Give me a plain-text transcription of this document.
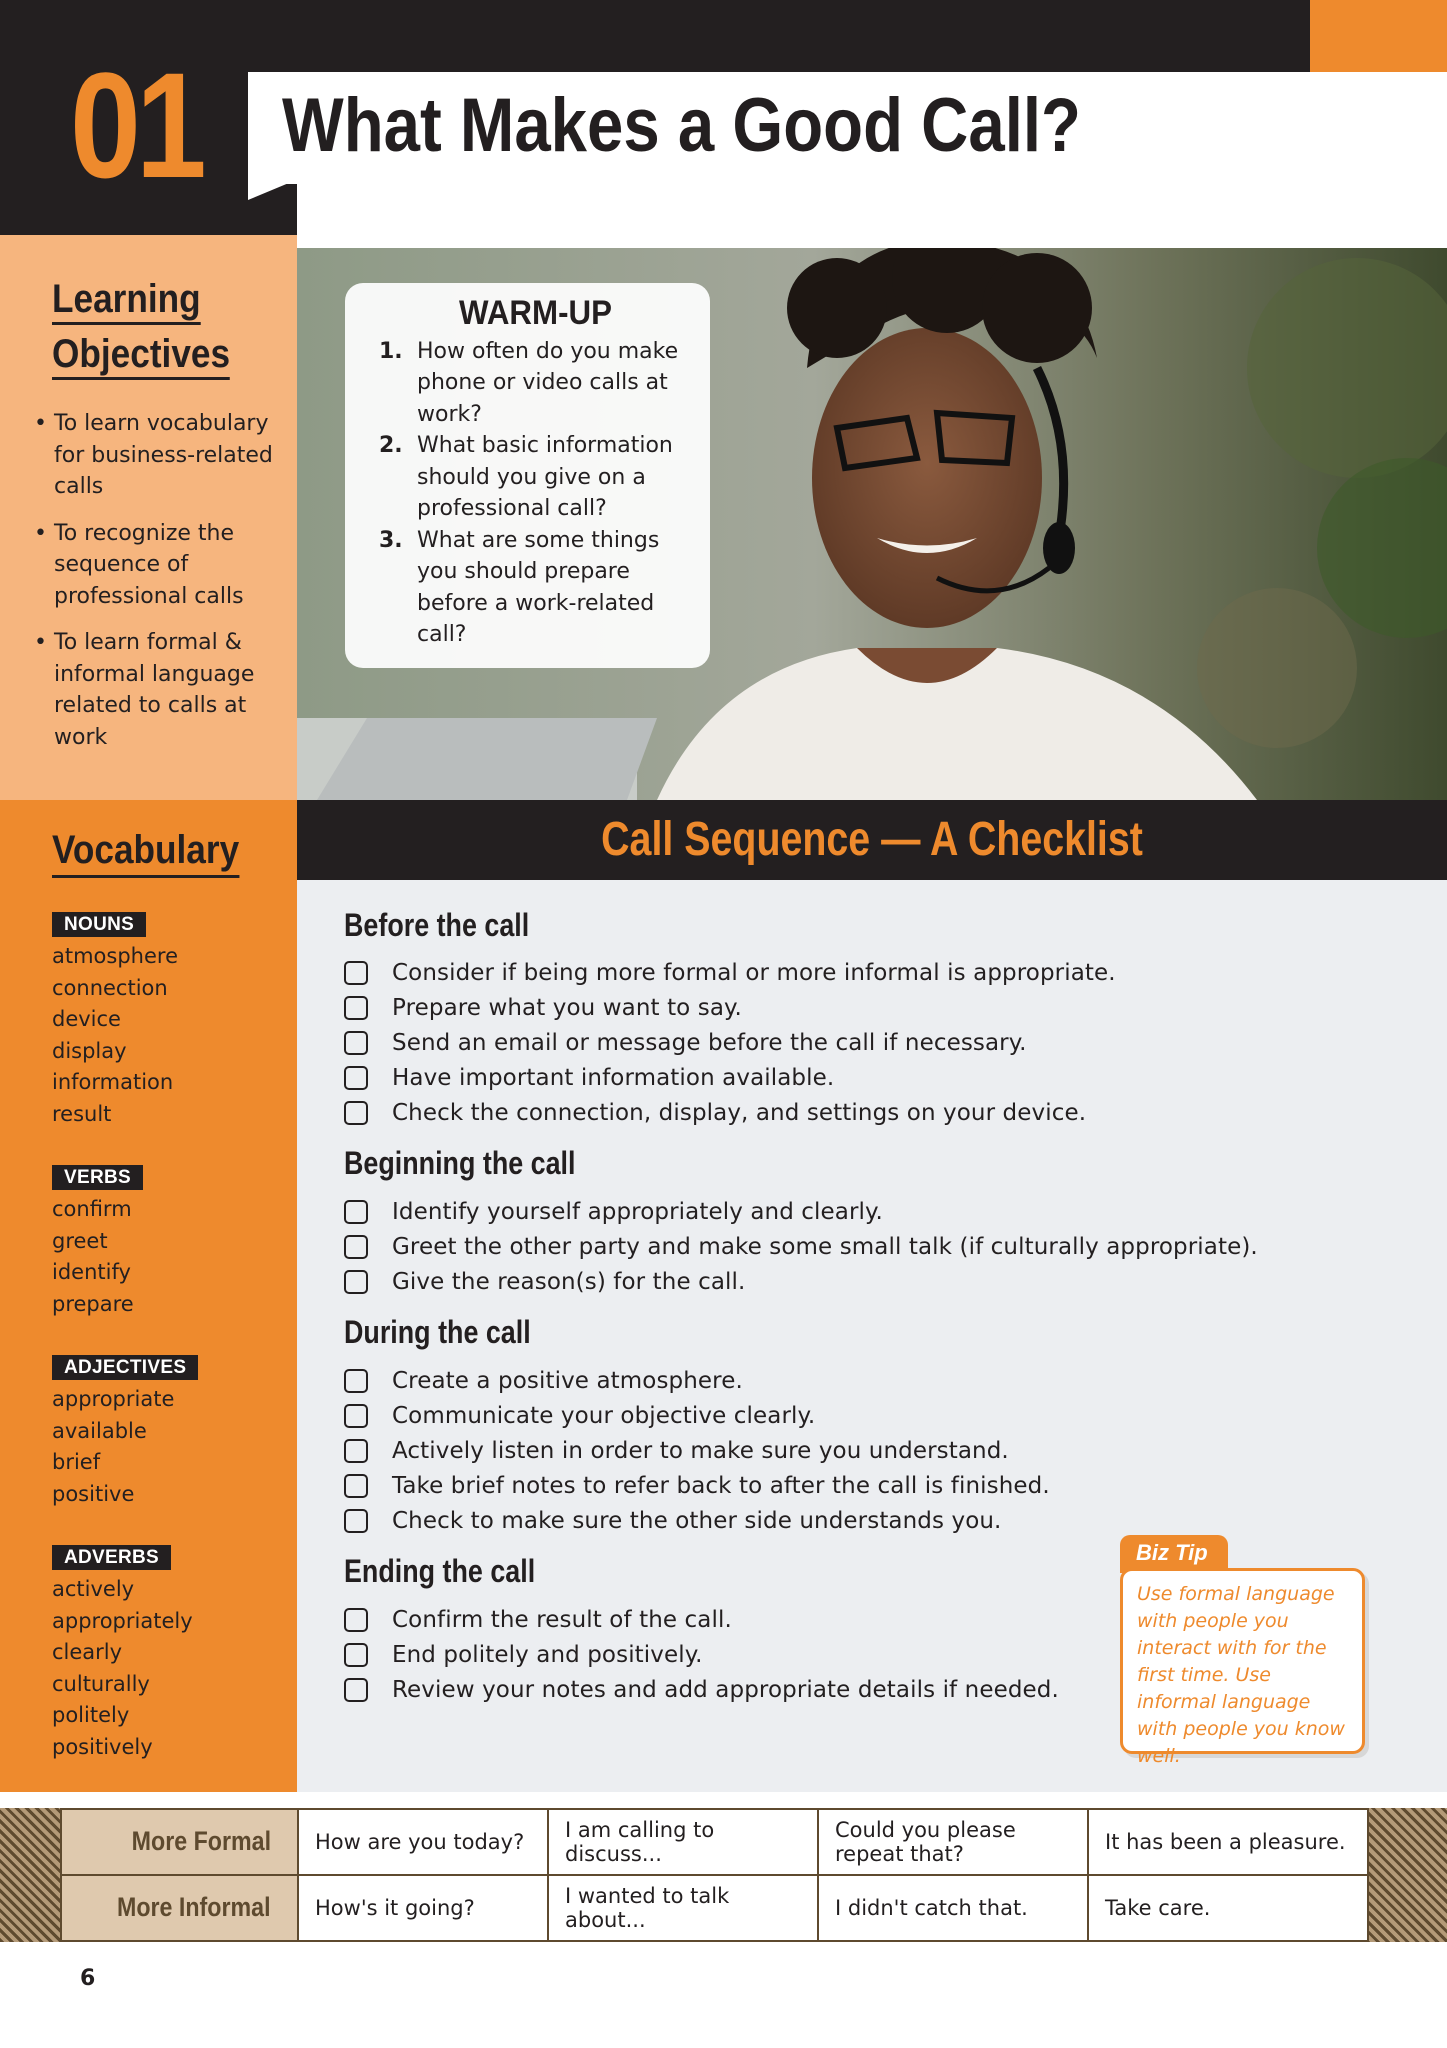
01 What Makes a Good Call?
Learning
Objectives
• To learn vocabulary for business-related calls
• To recognize the sequence of professional calls
• To learn formal & informal language related to calls at work
Vocabulary
NOUNS
atmosphere
connection
device
display
information
result
VERBS
confirm
greet
identify
prepare
ADJECTIVES
appropriate
available
brief
positive
ADVERBS
actively
appropriately
clearly
culturally
politely
positively
WARM-UP
1. How often do you make phone or video calls at work?
2. What basic information should you give on a professional call?
3. What are some things you should prepare before a work-related call?
Call Sequence — A Checklist
Before the call
Consider if being more formal or more informal is appropriate.
Prepare what you want to say.
Send an email or message before the call if necessary.
Have important information available.
Check the connection, display, and settings on your device.
Beginning the call
Identify yourself appropriately and clearly.
Greet the other party and make some small talk (if culturally appropriate).
Give the reason(s) for the call.
During the call
Create a positive atmosphere.
Communicate your objective clearly.
Actively listen in order to make sure you understand.
Take brief notes to refer back to after the call is finished.
Check to make sure the other side understands you.
Ending the call
Confirm the result of the call.
End politely and positively.
Review your notes and add appropriate details if needed.
Biz Tip
Use formal language with people you interact with for the first time. Use informal language with people you know well.
More Formal	How are you today?	I am calling to discuss...	Could you please repeat that?	It has been a pleasure.
More Informal	How's it going?	I wanted to talk about...	I didn't catch that.	Take care.
6
